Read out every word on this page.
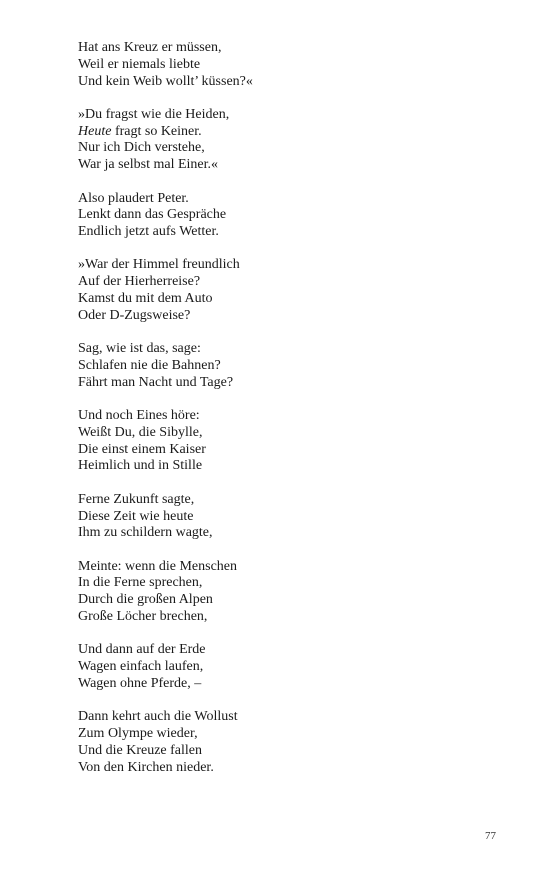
Hat ans Kreuz er müssen,
Weil er niemals liebte
Und kein Weib wollt’ küssen?«
»Du fragst wie die Heiden,
Heute fragt so Keiner.
Nur ich Dich verstehe,
War ja selbst mal Einer.«
Also plaudert Peter.
Lenkt dann das Gespräche
Endlich jetzt aufs Wetter.
»War der Himmel freundlich
Auf der Hierherreise?
Kamst du mit dem Auto
Oder D-Zugsweise?
Sag, wie ist das, sage:
Schlafen nie die Bahnen?
Fährt man Nacht und Tage?
Und noch Eines höre:
Weißt Du, die Sibylle,
Die einst einem Kaiser
Heimlich und in Stille
Ferne Zukunft sagte,
Diese Zeit wie heute
Ihm zu schildern wagte,
Meinte: wenn die Menschen
In die Ferne sprechen,
Durch die großen Alpen
Große Löcher brechen,
Und dann auf der Erde
Wagen einfach laufen,
Wagen ohne Pferde, –
Dann kehrt auch die Wollust
Zum Olympe wieder,
Und die Kreuze fallen
Von den Kirchen nieder.
77
